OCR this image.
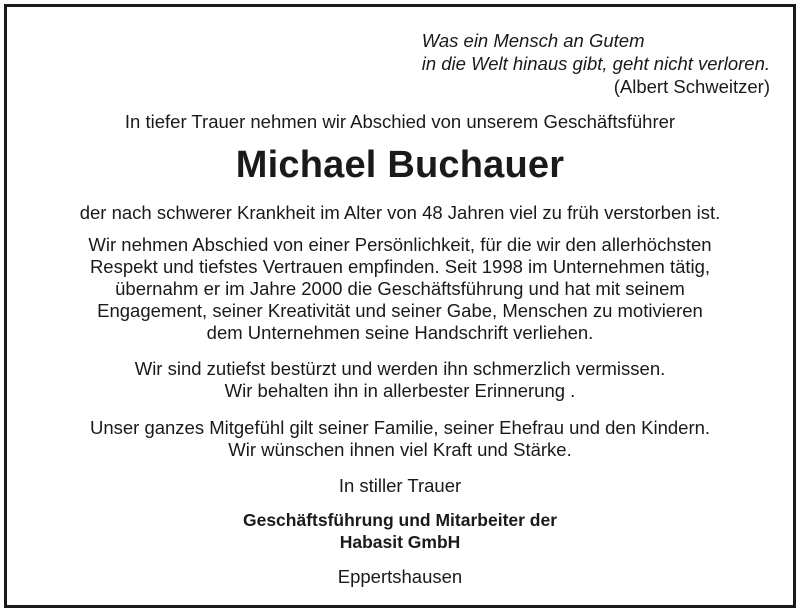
Was ein Mensch an Gutem
in die Welt hinaus gibt, geht nicht verloren.
(Albert Schweitzer)
In tiefer Trauer nehmen wir Abschied von unserem Geschäftsführer
Michael Buchauer
der nach schwerer Krankheit im Alter von 48 Jahren viel zu früh verstorben ist.
Wir nehmen Abschied von einer Persönlichkeit, für die wir den allerhöchsten
Respekt und tiefstes Vertrauen empfinden. Seit 1998 im Unternehmen tätig,
übernahm er im Jahre 2000 die Geschäftsführung und hat mit seinem
Engagement, seiner Kreativität und seiner Gabe, Menschen zu motivieren
dem Unternehmen seine Handschrift verliehen.
Wir sind zutiefst bestürzt und werden ihn schmerzlich vermissen.
Wir behalten ihn in allerbester Erinnerung .
Unser ganzes Mitgefühl gilt seiner Familie, seiner Ehefrau und den Kindern.
Wir wünschen ihnen viel Kraft und Stärke.
In stiller Trauer
Geschäftsführung und Mitarbeiter der
Habasit GmbH
Eppertshausen
